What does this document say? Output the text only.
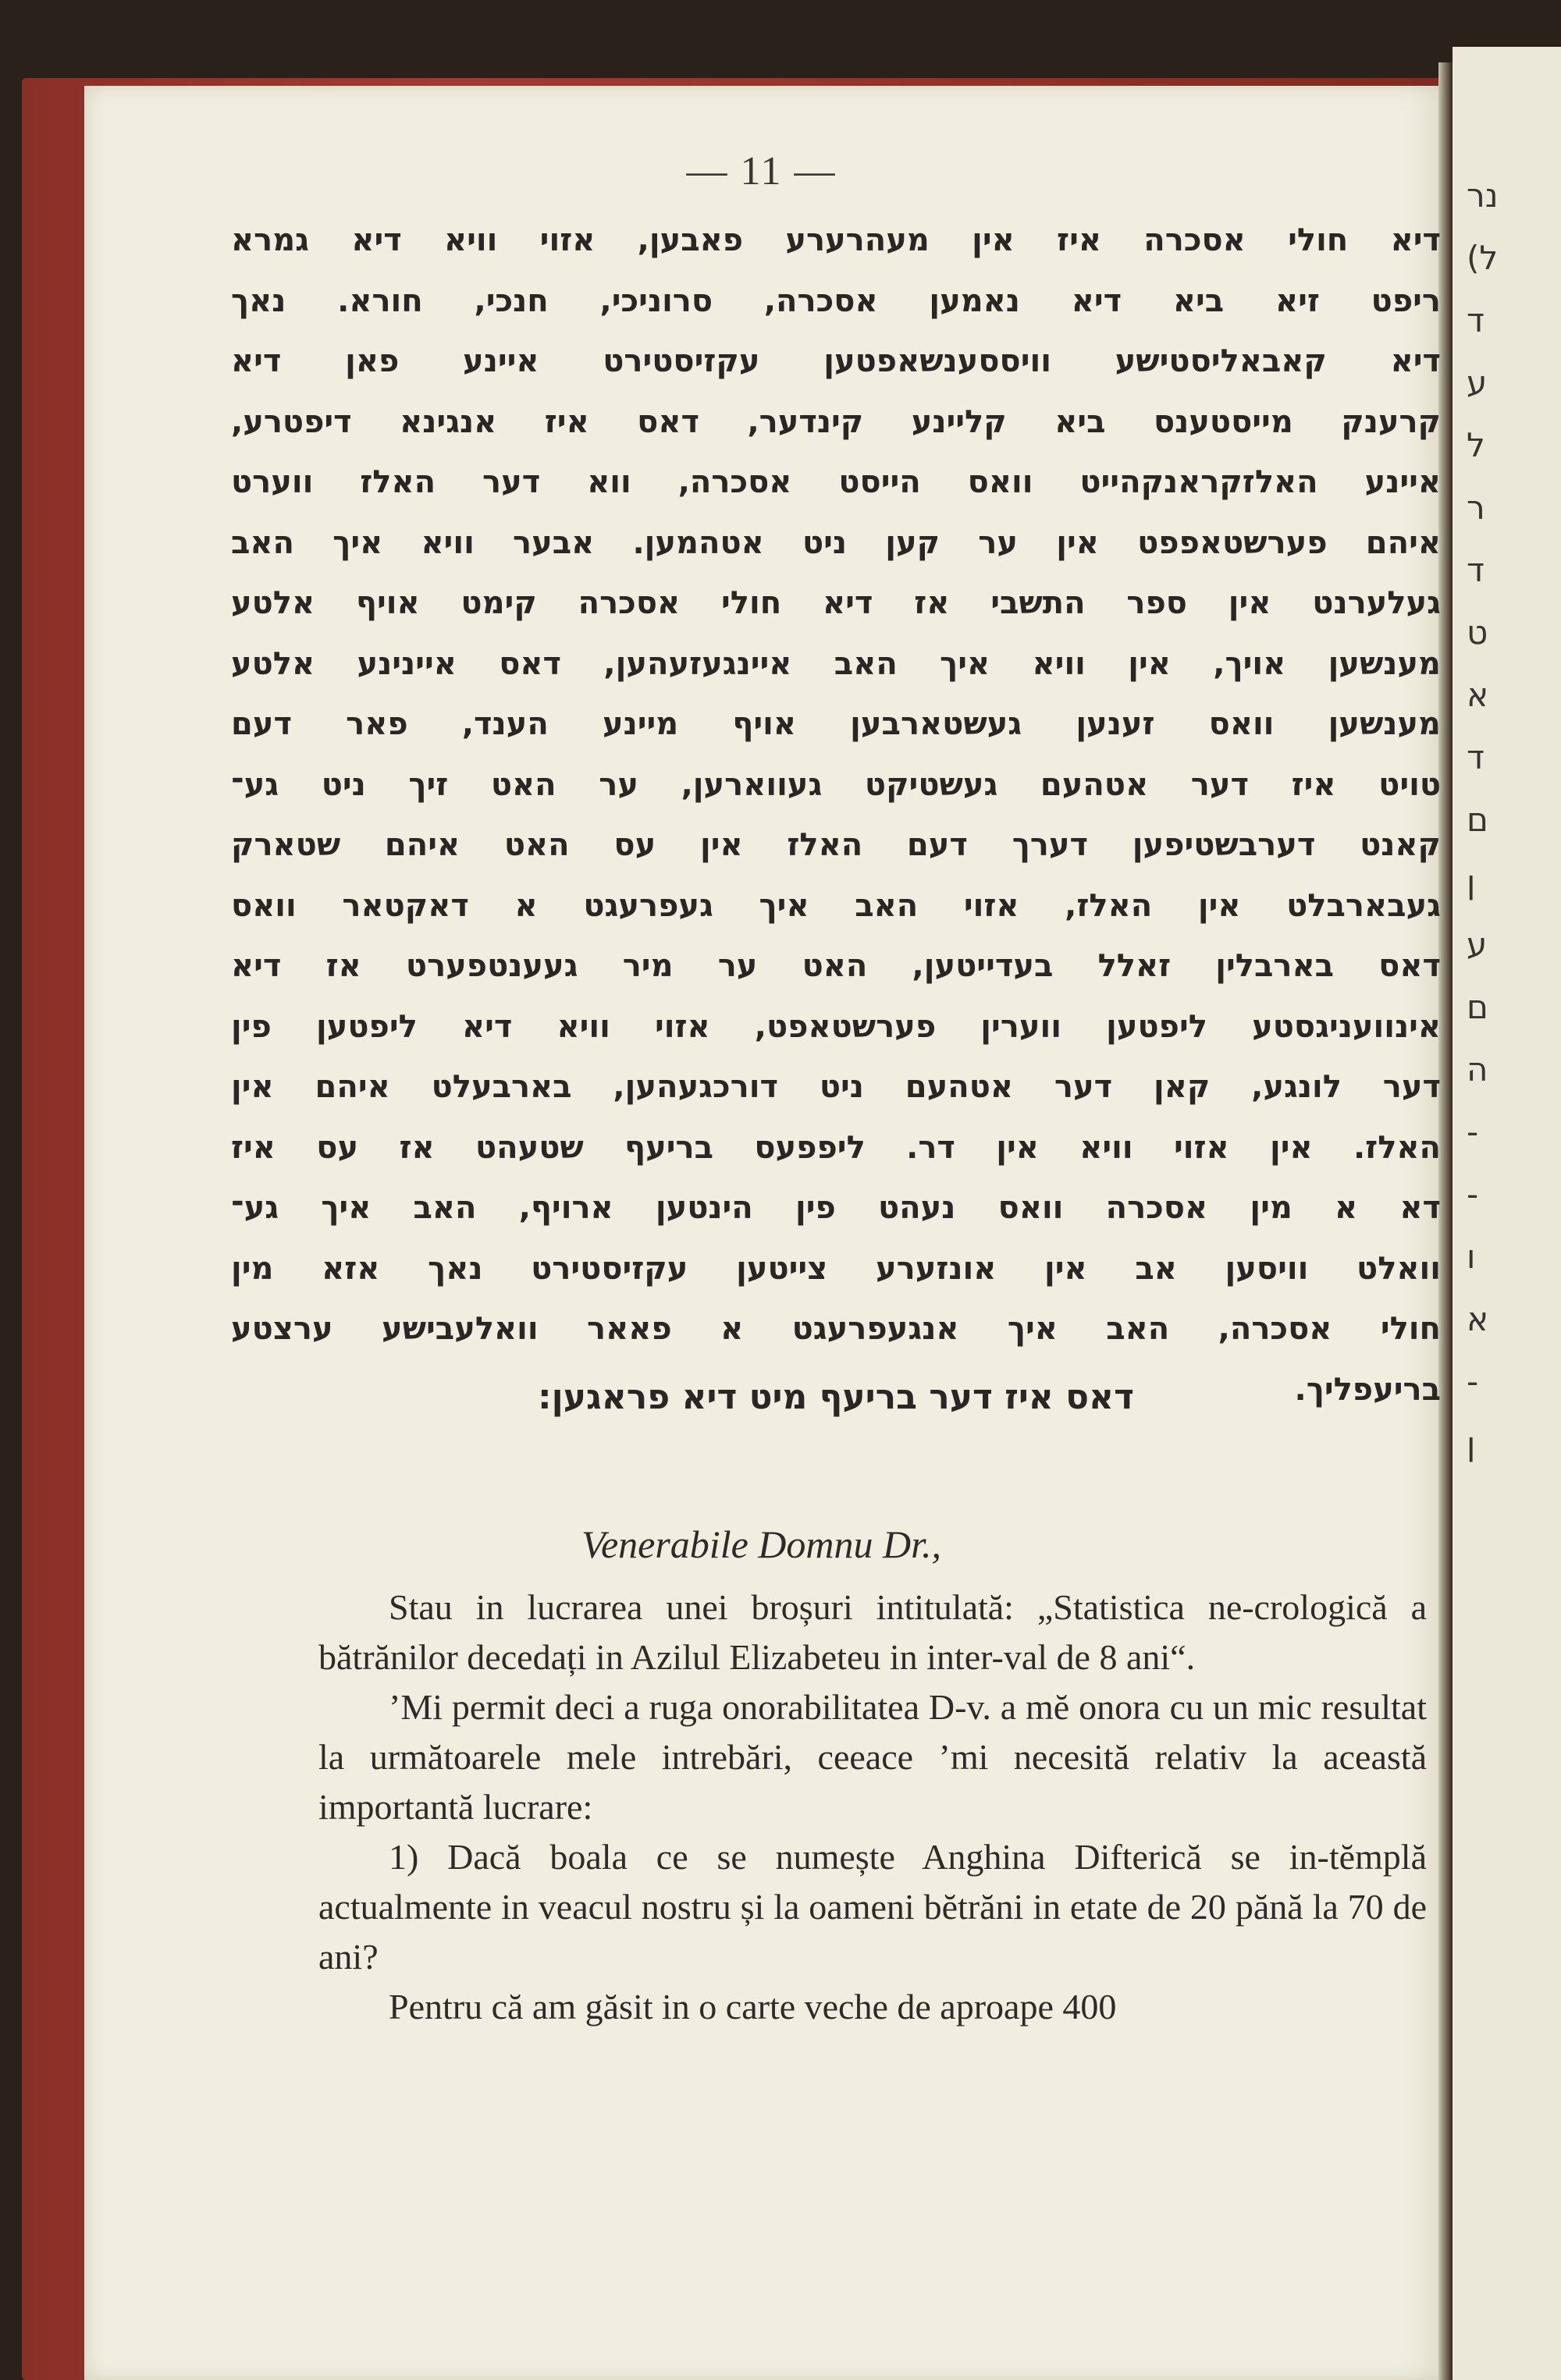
נר
(ל
ד
ע
ל
ר
ד
ט
א
ד
ם
ן
ע
ם
ה
-
-
ו
א
-
ן
— 11 —
דיא חולי אסכרה איז אין מעהרערע פאבען, אזוי וויא דיא גמרא
ריפט זיא ביא דיא נאמען אסכרה, סרוניכי, חנכי, חורא. נאך
דיא קאבאליסטישע וויססענשאפטען עקזיסטירט איינע פאן דיא
קרענק מייסטענס ביא קליינע קינדער, דאס איז אנגינא דיפטרע,
איינע האלזקראנקהייט וואס הייסט אסכרה, ווא דער האלז ווערט
איהם פערשטאפפט אין ער קען ניט אטהמען. אבער וויא איך האב
געלערנט אין ספר התשבי אז דיא חולי אסכרה קימט אויף אלטע
מענשען אויך, אין וויא איך האב איינגעזעהען, דאס איינינע אלטע
מענשען וואס זענען געשטארבען אויף מיינע הענד, פאר דעם
טויט איז דער אטהעם געשטיקט געווארען, ער האט זיך ניט גע־
קאנט דערבשטיפען דערך דעם האלז אין עס האט איהם שטארק
געבארבלט אין האלז, אזוי האב איך געפרעגט א דאקטאר וואס
דאס בארבלין זאלל בעדייטען, האט ער מיר געענטפערט אז דיא
אינוועניגסטע ליפטען ווערין פערשטאפט, אזוי וויא דיא ליפטען פין
דער לונגע, קאן דער אטהעם ניט דורכגעהען, בארבעלט איהם אין
האלז. אין אזוי וויא אין דר. ליפפעס בריעף שטעהט אז עס איז
דא א מין אסכרה וואס נעהט פין הינטען ארויף, האב איך גע־
וואלט וויסען אב אין אונזערע צייטען עקזיסטירט נאך אזא מין
חולי אסכרה, האב איך אנגעפרעגט א פאאר וואלעבישע ערצטע
בריעפליך.
דאס איז דער בריעף מיט דיא פראגען:
Venerabile Domnu Dr.,

Stau in lucrarea unei broșuri intitulată: „Statistica ne-crologică a bătrănilor decedați in Azilul Elizabeteu in inter-val de 8 ani“.

’Mi permit deci a ruga onorabilitatea D-v. a mĕ onora cu un mic resultat la următoarele mele intrebări, ceeace ’mi necesită relativ la această importantă lucrare:

1) Dacă boala ce se numește Anghina Difterică se in-tĕmplă actualmente in veacul nostru și la oameni bĕtrăni in etate de 20 pănă la 70 de ani?

Pentru că am găsit in o carte veche de aproape 400
